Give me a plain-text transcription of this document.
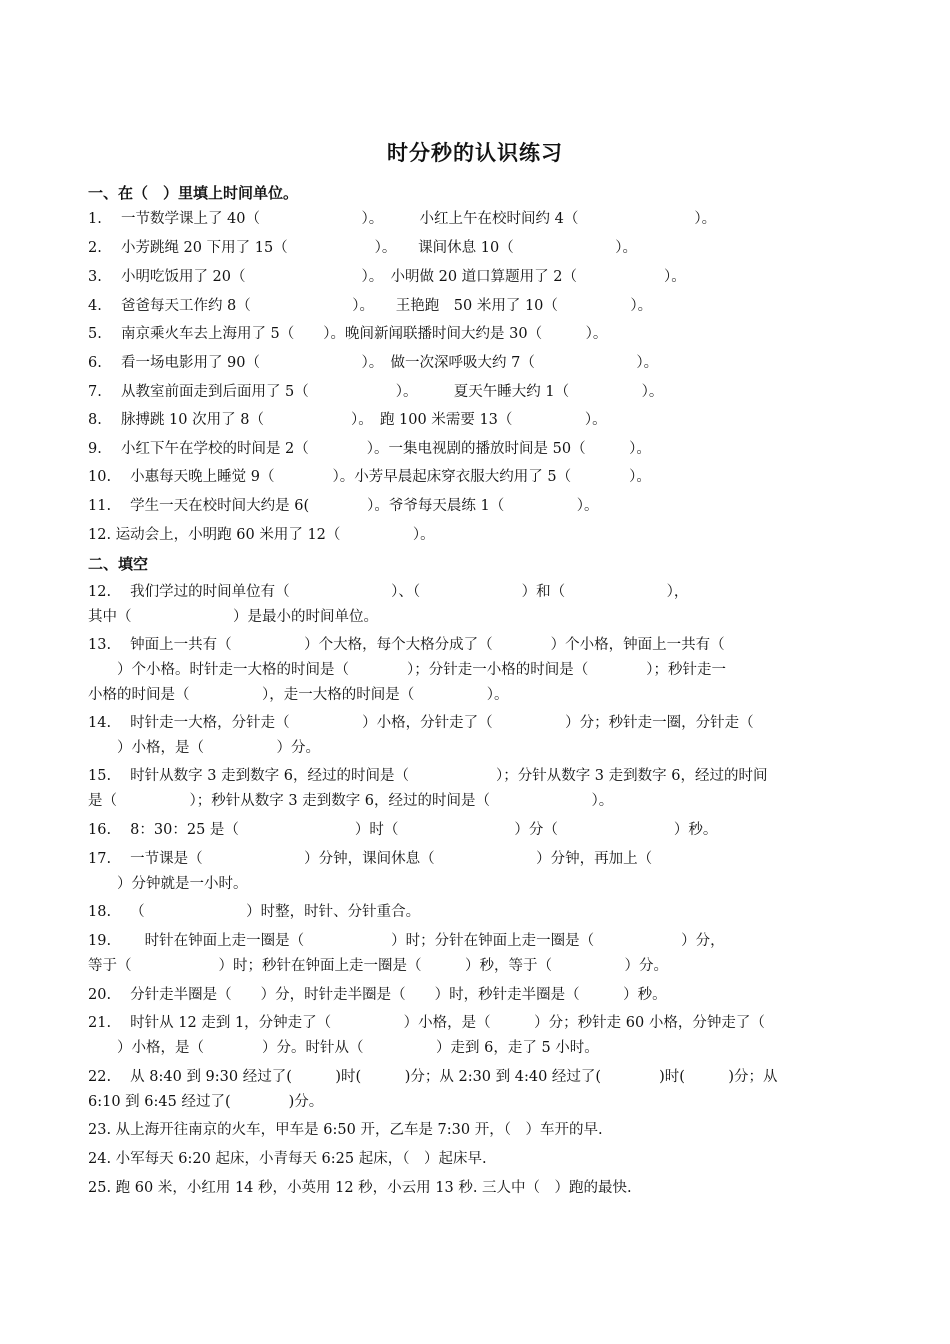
时分秒的认识练习
一、在（　）里填上时间单位。
1.　 一节数学课上了 40（　　　　　　　）。　　　小红上午在校时间约 4（　　　　　　　　）。
2.　 小芳跳绳 20 下用了 15（　　　　　　）。　　课间休息 10（　　　　　　　）。
3.　 小明吃饭用了 20（　　　　　　　　）。　小明做 20 道口算题用了 2（　　　　　　）。
4.　 爸爸每天工作约 8（　　　　　　　）。　　王艳跑　50 米用了 10（　　　　　）。
5.　 南京乘火车去上海用了 5（　　）。晚间新闻联播时间大约是 30（　　　）。
6.　 看一场电影用了 90（　　　　　　　）。　做一次深呼吸大约 7（　　　　　　　）。
7.　 从教室前面走到后面用了 5（　　　　　　）。　　　夏天午睡大约 1（　　　　　）。
8.　 脉搏跳 10 次用了 8（　　　　　　）。　跑 100 米需要 13（　　　　　）。
9.　 小红下午在学校的时间是 2（　　　　）。一集电视剧的播放时间是 50（　　　）。
10.　 小惠每天晚上睡觉 9（　　　　）。小芳早晨起床穿衣服大约用了 5（　　　　）。
11.　 学生一天在校时间大约是 6(　　　　）。爷爷每天晨练 1（　　　　　）。
12. 运动会上，小明跑 60 米用了 12（　　　　　）。
二、填空
12.　 我们学过的时间单位有（　　　　　　　）、（　　　　　　　）和（　　　　　　　），
其中（　　　　　　　）是最小的时间单位。
13.　 钟面上一共有（　　　　　）个大格，每个大格分成了（　　　　）个小格，钟面上一共有（
　　）个小格。时针走一大格的时间是（　　　　）；分针走一小格的时间是（　　　　）；秒针走一
小格的时间是（　　　　　），走一大格的时间是（　　　　　）。
14.　 时针走一大格，分针走（　　　　　）小格，分针走了（　　　　　）分；秒针走一圈，分针走（
　　）小格，是（　　　　　）分。
15.　 时针从数字 3 走到数字 6，经过的时间是（　　　　　　）；分针从数字 3 走到数字 6，经过的时间
是（　　　　　）；秒针从数字 3 走到数字 6，经过的时间是（　　　　　　　）。
16.　 8：30：25 是（　　　　　　　　）时（　　　　　　　　）分（　　　　　　　　）秒。
17.　 一节课是（　　　　　　　）分钟，课间休息（　　　　　　　）分钟，再加上（
　　）分钟就是一小时。
18.　 （　　　　　　　）时整，时针、分针重合。
19.　　 时针在钟面上走一圈是（　　　　　　）时；分针在钟面上走一圈是（　　　　　　）分，
等于（　　　　　　）时；秒针在钟面上走一圈是（　　　）秒，等于（　　　　　）分。
20.　 分针走半圈是（　　）分，时针走半圈是（　　）时，秒针走半圈是（　　　）秒。
21.　 时针从 12 走到 1，分钟走了（　　　　　）小格，是（　　　）分；秒针走 60 小格，分钟走了（
　　）小格，是（　　　　）分。时针从（　　　　　）走到 6，走了 5 小时。
22.　 从 8:40 到 9:30 经过了(　　　)时(　　　)分；从 2:30 到 4:40 经过了(　　　　)时(　　　)分；从
6:10 到 6:45 经过了(　　　　)分。
23. 从上海开往南京的火车，甲车是 6:50 开，乙车是 7:30 开，（　）车开的早.
24. 小军每天 6:20 起床，小青每天 6:25 起床，（　）起床早.
25. 跑 60 米，小红用 14 秒，小英用 12 秒，小云用 13 秒. 三人中（　）跑的最快.
